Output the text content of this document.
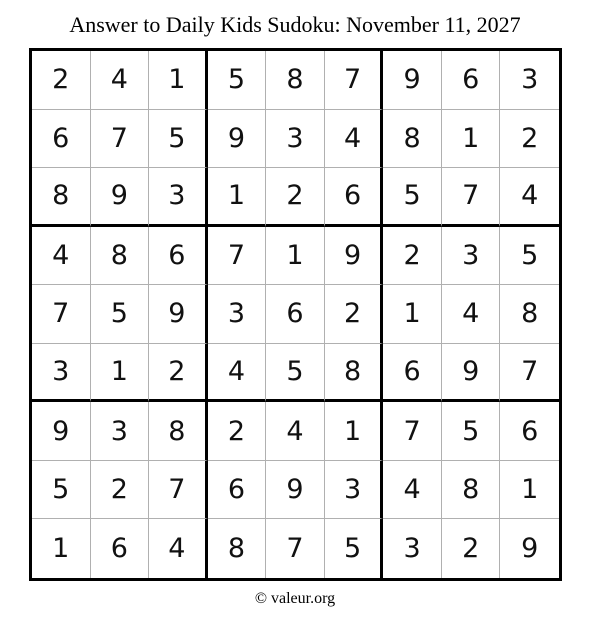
Answer to Daily Kids Sudoku: November 11, 2027
2	4	1	5	8	7	9	6	3
6	7	5	9	3	4	8	1	2
8	9	3	1	2	6	5	7	4
4	8	6	7	1	9	2	3	5
7	5	9	3	6	2	1	4	8
3	1	2	4	5	8	6	9	7
9	3	8	2	4	1	7	5	6
5	2	7	6	9	3	4	8	1
1	6	4	8	7	5	3	2	9
© valeur.org
